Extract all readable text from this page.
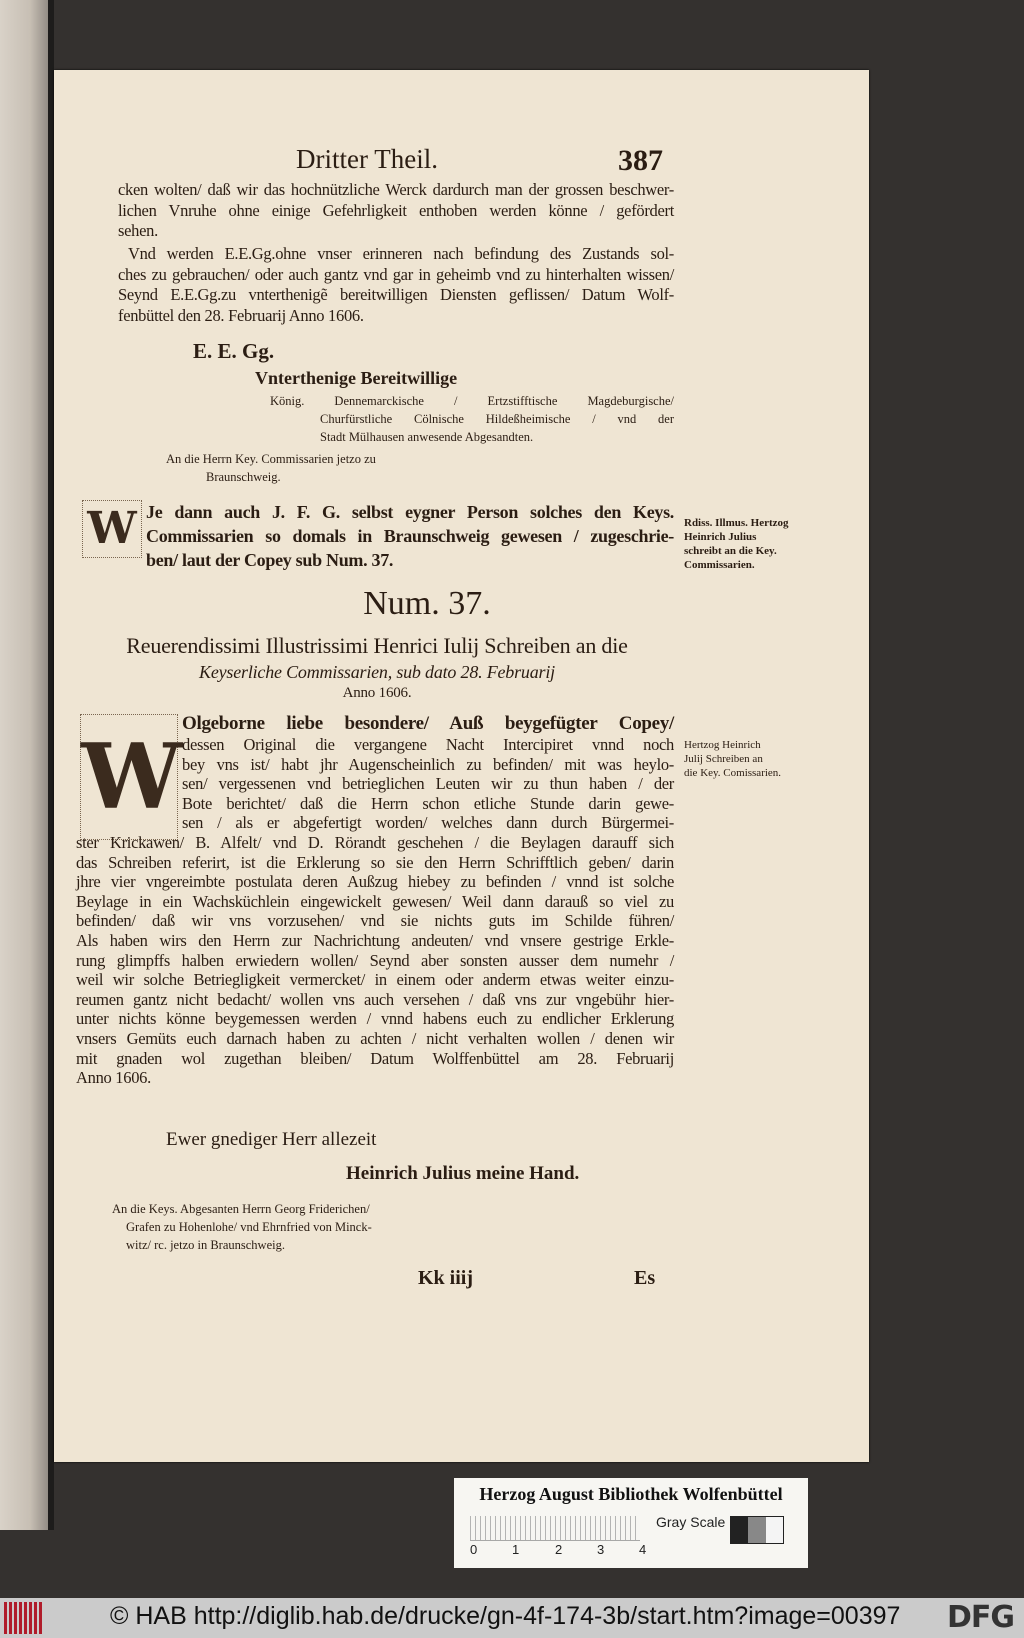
Dritter Theil.	387
cken wolten/ daß wir das hochnützliche Werck dardurch man der grossen beschwer-
lichen Vnruhe ohne einige Gefehrligkeit enthoben werden könne / gefördert
sehen.
Vnd werden E.E.Gg.ohne vnser erinneren nach befindung des Zustands sol-
ches zu gebrauchen/ oder auch gantz vnd gar in geheimb vnd zu hinterhalten wissen/
Seynd E.E.Gg.zu vnterthenigẽ bereitwilligen Diensten geflissen/ Datum Wolf-
fenbüttel den 28. Februarij Anno 1606.
E. E. Gg.
Vnterthenige Bereitwillige
König. Dennemarckische / Ertzstifftische Magdeburgische/
Churfürstliche Cölnische Hildeßheimische / vnd der
Stadt Mülhausen anwesende Abgesandten.
An die Herrn Key. Commissarien jetzo zu
Braunschweig.
W Je dann auch J. F. G. selbst eygner Person solches den Keys.
Commissarien so domals in Braunschweig gewesen / zugeschrie-
ben/ laut der Copey sub Num. 37.
Rdiss. Illmus. Hertzog
Heinrich Julius
schreibt an die Key.
Commissarien.
Num. 37.
Reuerendissimi Illustrissimi Henrici Iulij Schreiben an die
Keyserliche Commissarien, sub dato 28. Februarij
Anno 1606.
W
Olgeborne liebe besondere/ Auß beygefügter Copey/
dessen Original die vergangene Nacht Intercipiret vnnd noch
bey vns ist/ habt jhr Augenscheinlich zu befinden/ mit was heylo-
sen/ vergessenen vnd betrieglichen Leuten wir zu thun haben / der
Bote berichtet/ daß die Herrn schon etliche Stunde darin gewe-
sen / als er abgefertigt worden/ welches dann durch Bürgermei-
ster Krickawen/ B. Alfelt/ vnd D. Rörandt geschehen / die Beylagen darauff sich
das Schreiben referirt, ist die Erklerung so sie den Herrn Schrifftlich geben/ darin
jhre vier vngereimbte postulata deren Außzug hiebey zu befinden / vnnd ist solche
Beylage in ein Wachsküchlein eingewickelt gewesen/ Weil dann darauß so viel zu
befinden/ daß wir vns vorzusehen/ vnd sie nichts guts im Schilde führen/
Als haben wirs den Herrn zur Nachrichtung andeuten/ vnd vnsere gestrige Erkle-
rung glimpffs halben erwiedern wollen/ Seynd aber sonsten ausser dem numehr /
weil wir solche Betriegligkeit vermercket/ in einem oder anderm etwas weiter einzu-
reumen gantz nicht bedacht/ wollen vns auch versehen / daß vns zur vngebühr hier-
unter nichts könne beygemessen werden / vnnd habens euch zu endlicher Erklerung
vnsers Gemüts euch darnach haben zu achten / nicht verhalten wollen / denen wir
mit gnaden wol zugethan bleiben/ Datum Wolffenbüttel am 28. Februarij
Anno 1606.
Hertzog Heinrich
Julij Schreiben an
die Key. Comissarien.
Ewer gnediger Herr allezeit
Heinrich Julius meine Hand.
An die Keys. Abgesanten Herrn Georg Friderichen/
Grafen zu Hohenlohe/ vnd Ehrnfried von Minck-
witz/ rc. jetzo in Braunschweig.
Kk iiij	Es
Herzog August Bibliothek Wolfenbüttel
0	1	2	3	4
Gray Scale
© HAB http://diglib.hab.de/drucke/gn-4f-174-3b/start.htm?image=00397 DFG
